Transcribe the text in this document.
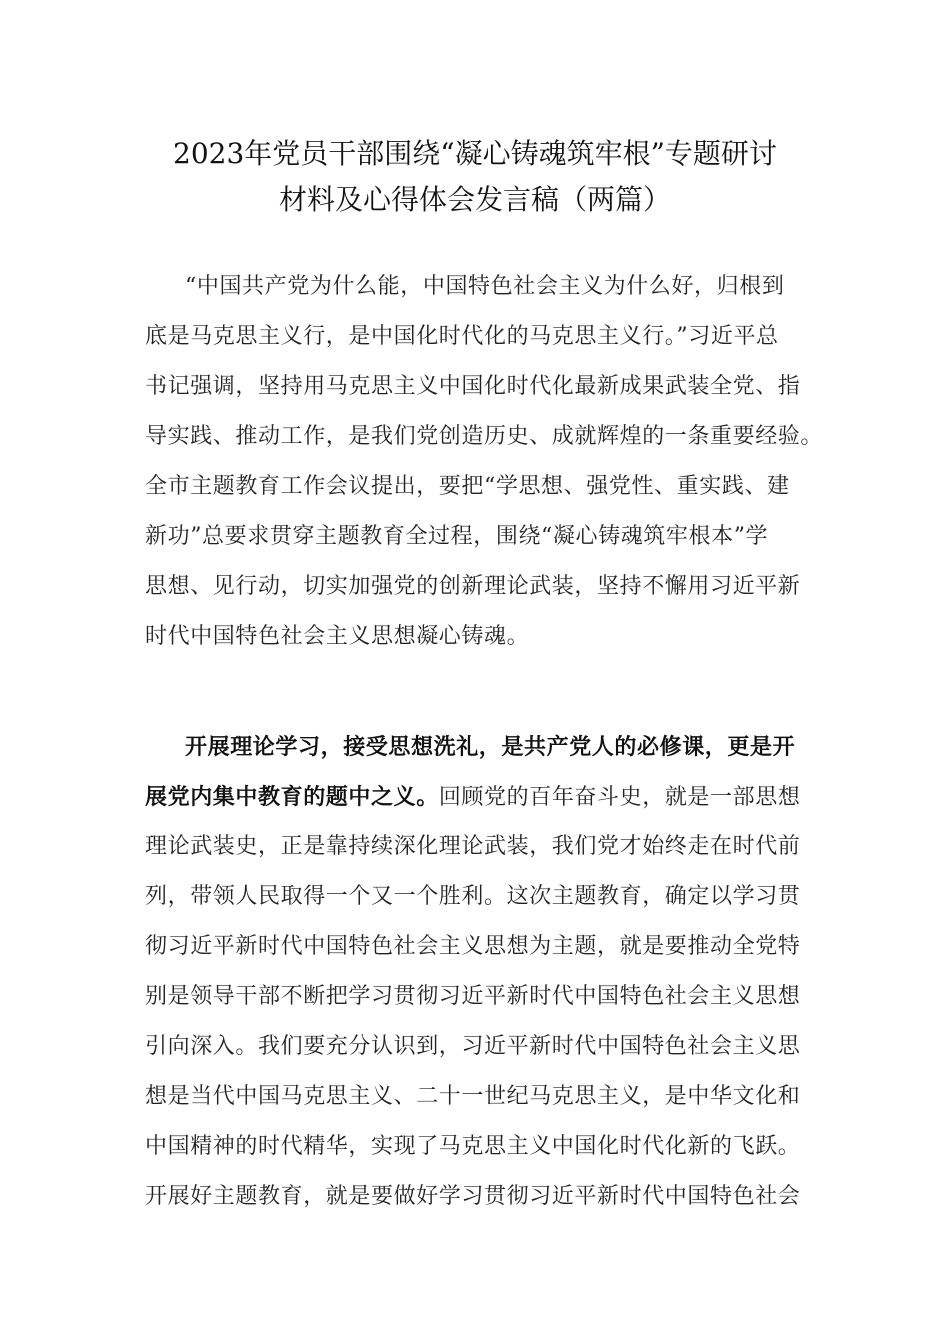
2023年党员干部围绕“凝心铸魂筑牢根”专题研讨
材料及心得体会发言稿（两篇）
“中国共产党为什么能，中国特色社会主义为什么好，归根到
底是马克思主义行，是中国化时代化的马克思主义行。”习近平总
书记强调，坚持用马克思主义中国化时代化最新成果武装全党、指
导实践、推动工作，是我们党创造历史、成就辉煌的一条重要经验。
全市主题教育工作会议提出，要把“学思想、强党性、重实践、建
新功”总要求贯穿主题教育全过程，围绕“凝心铸魂筑牢根本”学
思想、见行动，切实加强党的创新理论武装，坚持不懈用习近平新
时代中国特色社会主义思想凝心铸魂。
开展理论学习，接受思想洗礼，是共产党人的必修课，更是开
展党内集中教育的题中之义。回顾党的百年奋斗史，就是一部思想
理论武装史，正是靠持续深化理论武装，我们党才始终走在时代前
列，带领人民取得一个又一个胜利。这次主题教育，确定以学习贯
彻习近平新时代中国特色社会主义思想为主题，就是要推动全党特
别是领导干部不断把学习贯彻习近平新时代中国特色社会主义思想
引向深入。我们要充分认识到，习近平新时代中国特色社会主义思
想是当代中国马克思主义、二十一世纪马克思主义，是中华文化和
中国精神的时代精华，实现了马克思主义中国化时代化新的飞跃。
开展好主题教育，就是要做好学习贯彻习近平新时代中国特色社会
